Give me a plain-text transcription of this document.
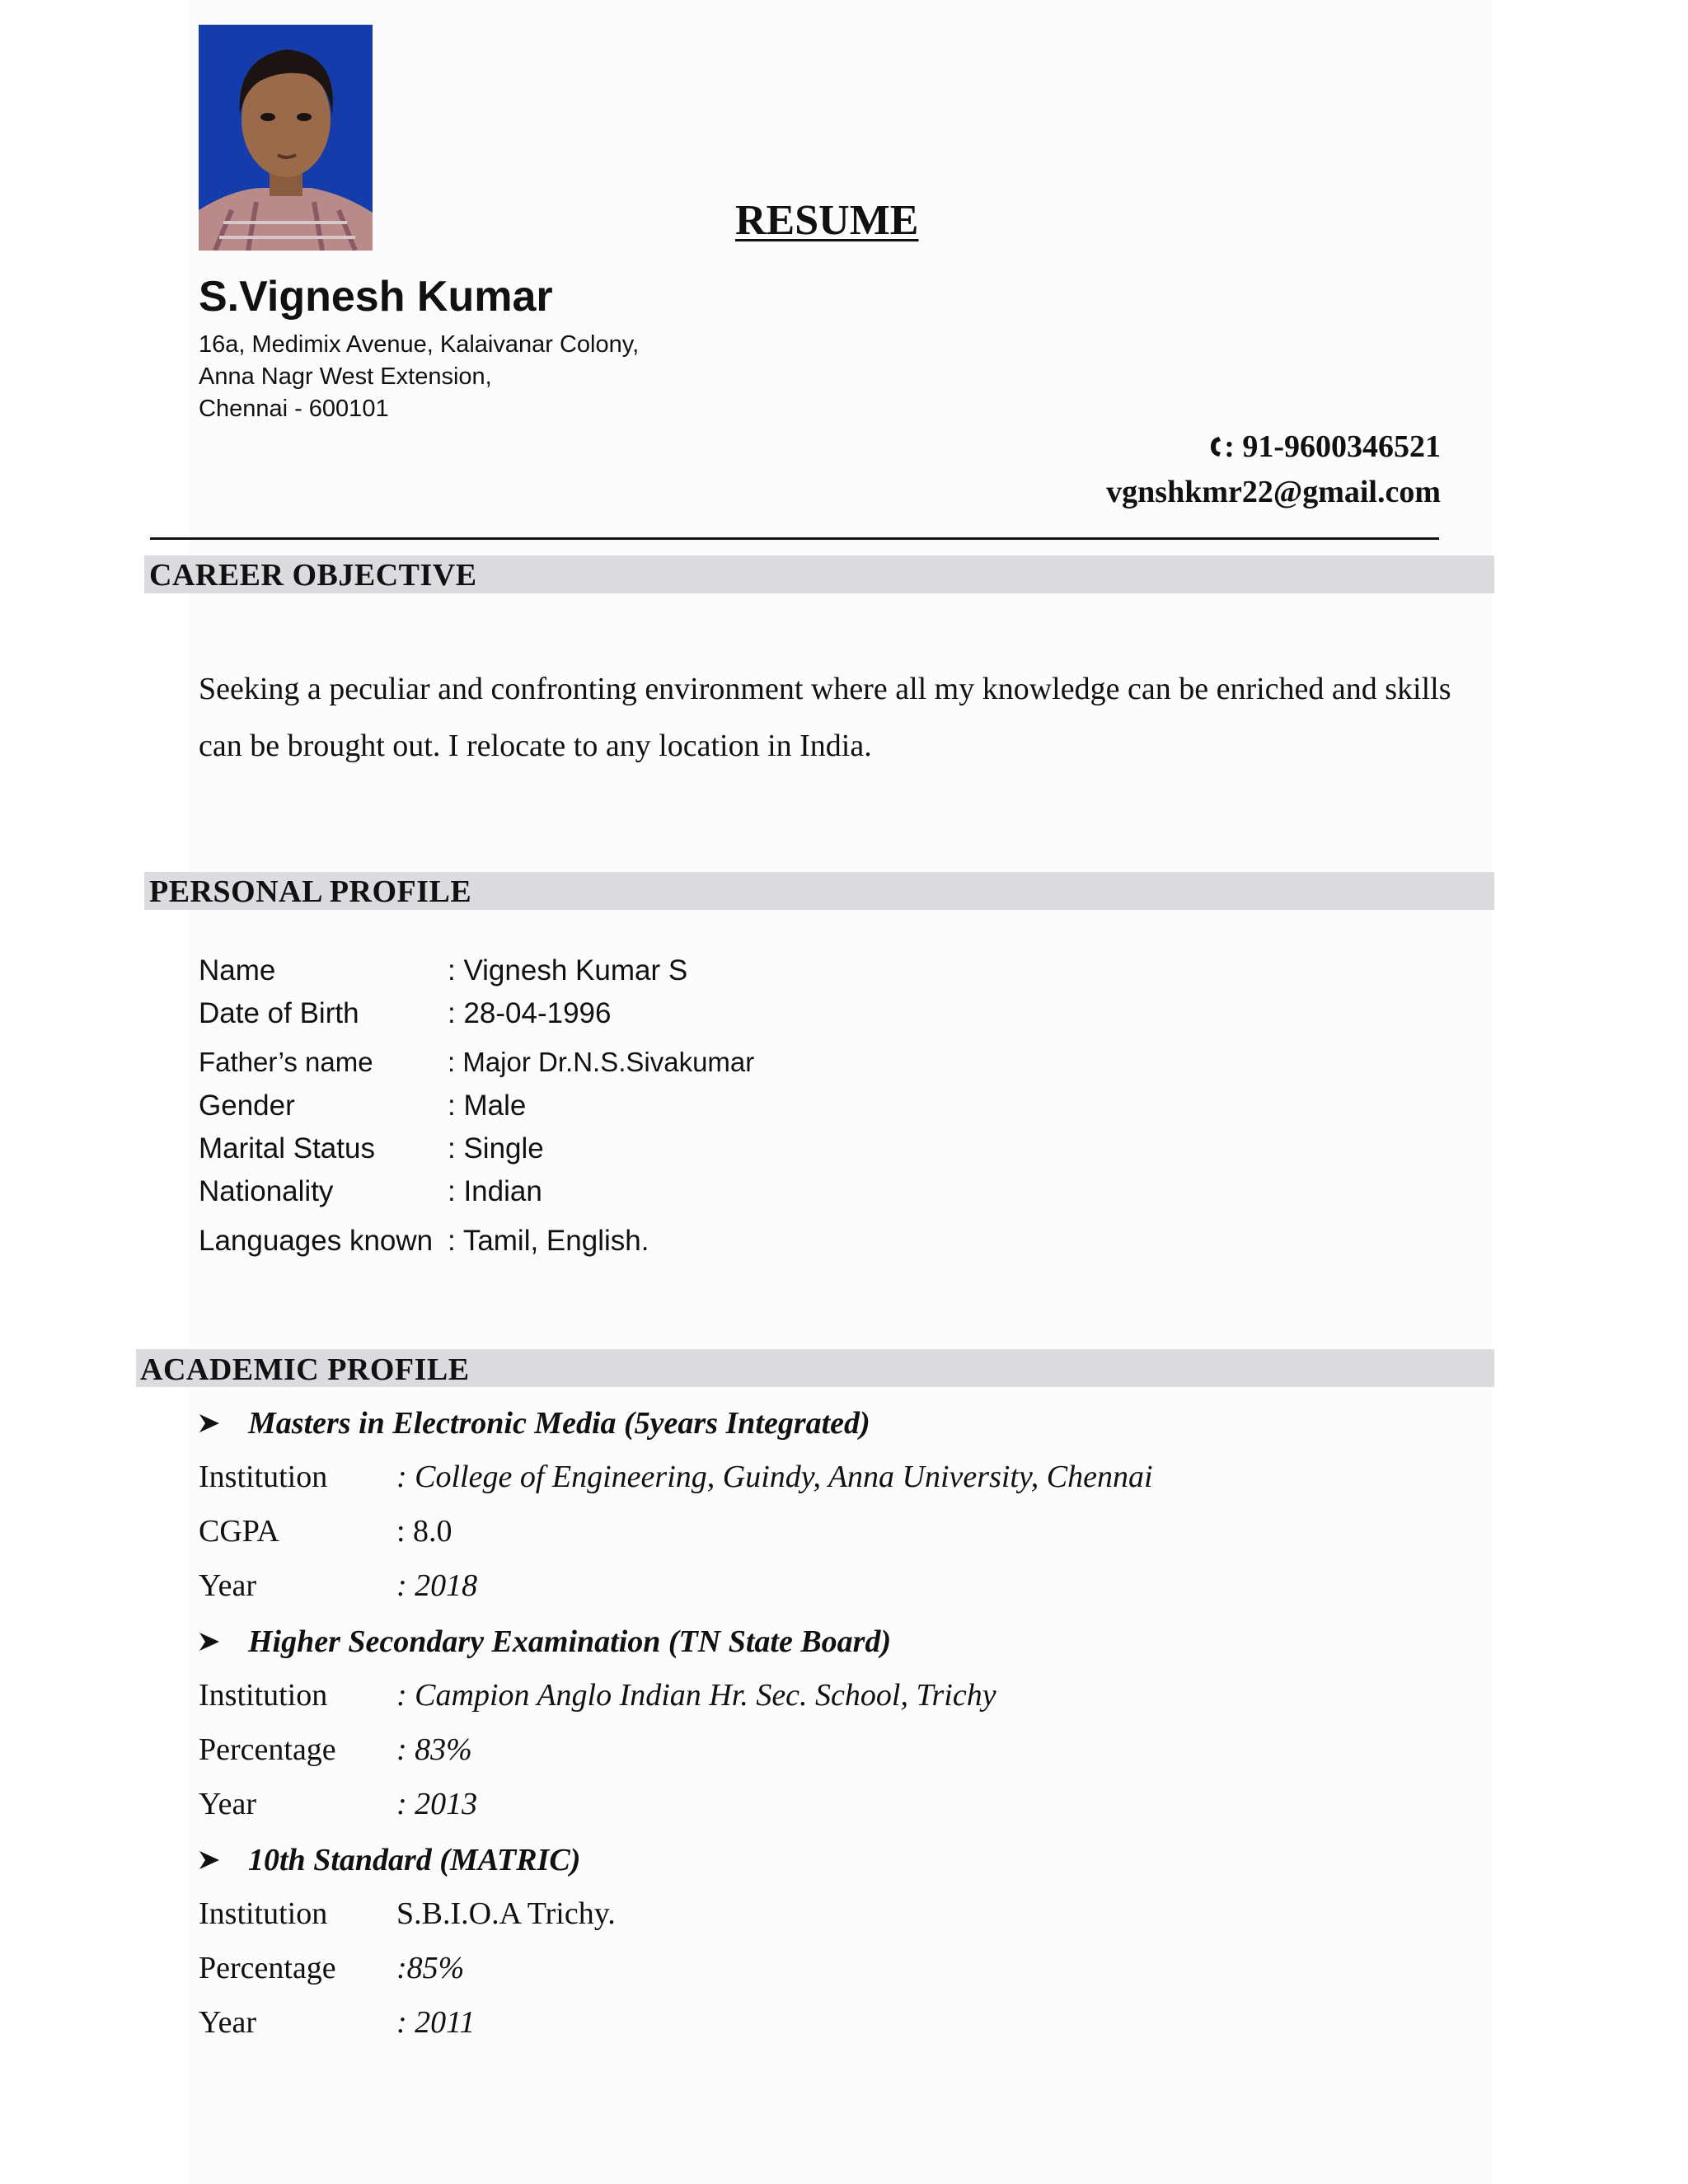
RESUME
S.Vignesh Kumar
16a, Medimix Avenue, Kalaivanar Colony,
Anna Nagr West Extension,
Chennai - 600101
: 91-9600346521
vgnshkmr22@gmail.com
CAREER OBJECTIVE
Seeking a peculiar and confronting environment where all my knowledge can be enriched and skills can be brought out. I relocate to any location in India.
PERSONAL PROFILE
Name	: Vignesh Kumar S
Date of Birth	: 28-04-1996
Father’s name	: Major Dr.N.S.Sivakumar
Gender	: Male
Marital Status	: Single
Nationality	: Indian
Languages known : Tamil, English.
ACADEMIC PROFILE
Masters in Electronic Media (5years Integrated)
Institution : College of Engineering, Guindy, Anna University, Chennai
CGPA	: 8.0
Year	: 2018
Higher Secondary Examination (TN State Board)
Institution : Campion Anglo Indian Hr. Sec. School, Trichy
Percentage : 83%
Year	: 2013
10th Standard (MATRIC)
Institution S.B.I.O.A Trichy.
Percentage :85%
Year	: 2011
